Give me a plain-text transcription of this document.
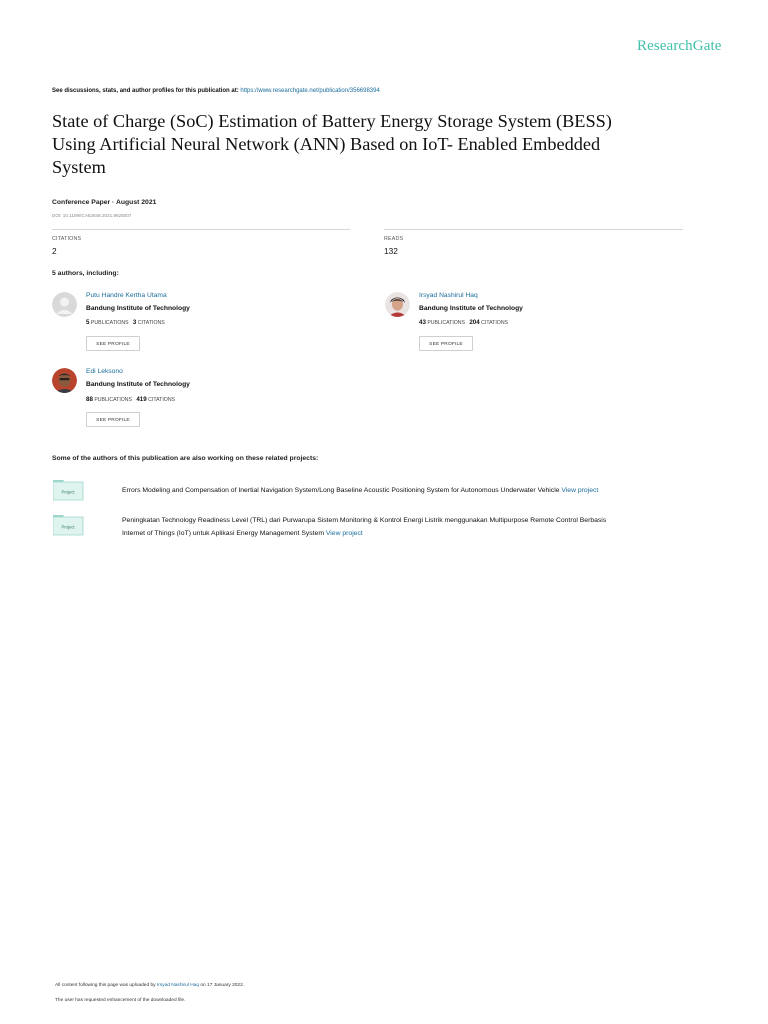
ResearchGate
See discussions, stats, and author profiles for this publication at: https://www.researchgate.net/publication/356698394
State of Charge (SoC) Estimation of Battery Energy Storage System (BESS)
Using Artificial Neural Network (ANN) Based on IoT- Enabled Embedded
System
Conference Paper · August 2021
DOI: 10.1109/ICA52848.2021.9625007
CITATIONS
2
READS
132
5 authors, including:
Putu Handre Kertha Utama
Bandung Institute of Technology
5 PUBLICATIONS 3 CITATIONS
SEE PROFILE
Irsyad Nashirul Haq
Bandung Institute of Technology
43 PUBLICATIONS 204 CITATIONS
SEE PROFILE
Edi Leksono
Bandung Institute of Technology
88 PUBLICATIONS 419 CITATIONS
SEE PROFILE
Some of the authors of this publication are also working on these related projects:
Project	Errors Modeling and Compensation of Inertial Navigation System/Long Baseline Acoustic Positioning System for Autonomous Underwater Vehicle View project
Project
Peningkatan Technology Readiness Level (TRL) dari Purwarupa Sistem Monitoring & Kontrol Energi Listrik menggunakan Multipurpose Remote Control Berbasis
Internet of Things (IoT) untuk Aplikasi Energy Management System View project
All content following this page was uploaded by Irsyad Nashirul Haq on 17 January 2022.
The user has requested enhancement of the downloaded file.
